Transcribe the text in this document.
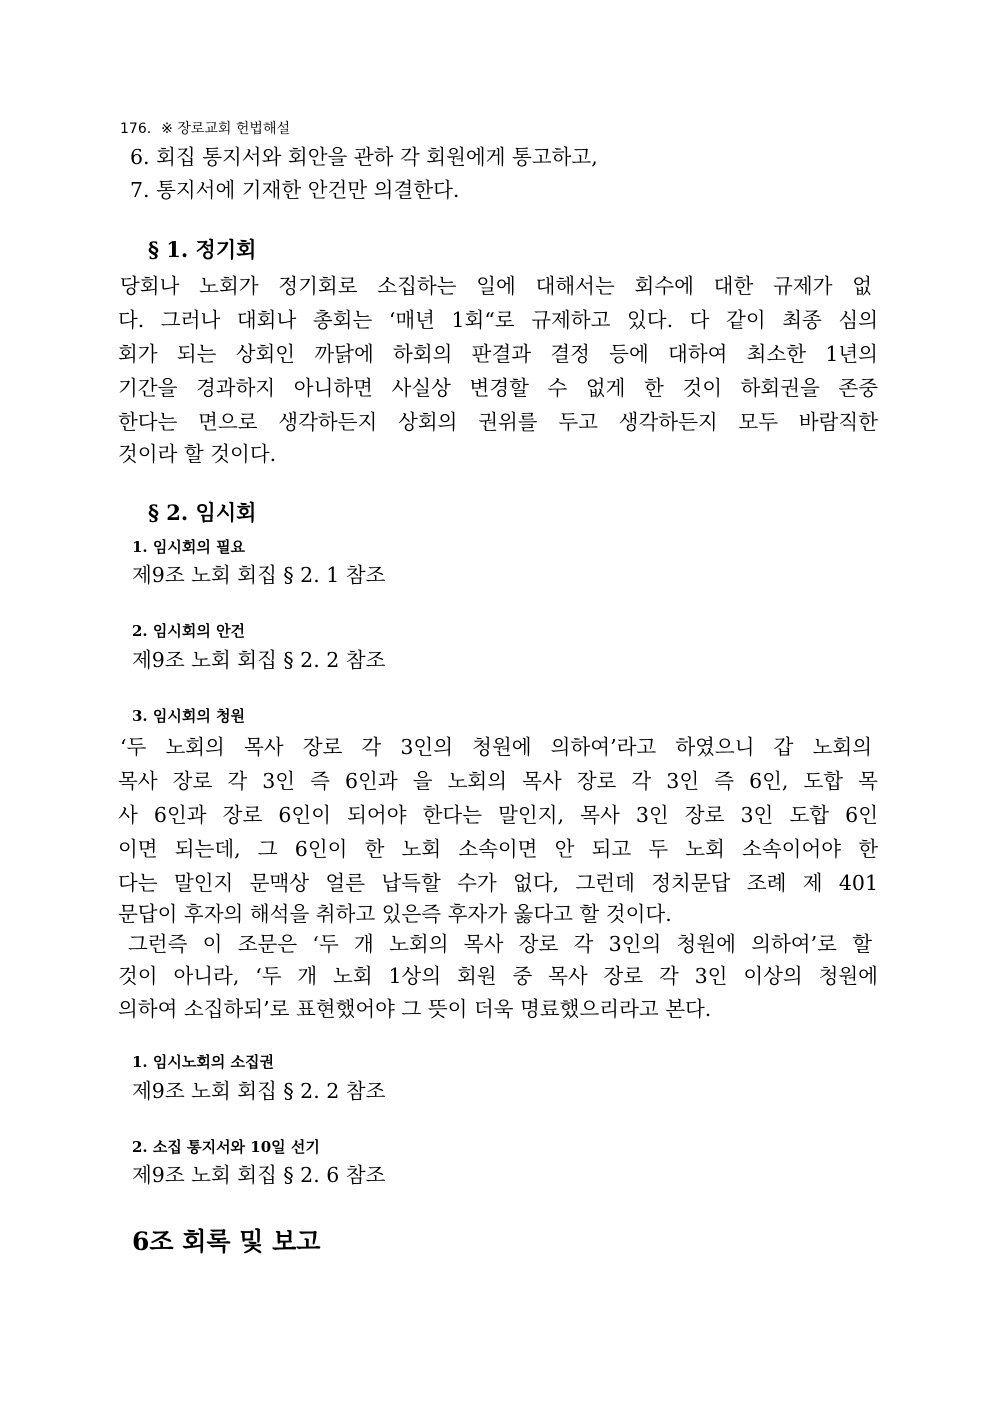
176. ※ 장로교회 헌법해설
6. 회집 통지서와 회안을 관하 각 회원에게 통고하고,
7. 통지서에 기재한 안건만 의결한다.
§ 1. 정기회
당회나 노회가 정기회로 소집하는 일에 대해서는 회수에 대한 규제가 없
다. 그러나 대회나 총회는 ‘매년 1회“로 규제하고 있다. 다 같이 최종 심의
회가 되는 상회인 까닭에 하회의 판결과 결정 등에 대하여 최소한 1년의
기간을 경과하지 아니하면 사실상 변경할 수 없게 한 것이 하회권을 존중
한다는 면으로 생각하든지 상회의 권위를 두고 생각하든지 모두 바람직한
것이라 할 것이다.
§ 2. 임시회
1. 임시회의 필요
제9조 노회 회집 § 2. 1 참조
2. 임시회의 안건
제9조 노회 회집 § 2. 2 참조
3. 임시회의 청원
‘두 노회의 목사 장로 각 3인의 청원에 의하여’라고 하였으니 갑 노회의
목사 장로 각 3인 즉 6인과 을 노회의 목사 장로 각 3인 즉 6인, 도합 목
사 6인과 장로 6인이 되어야 한다는 말인지, 목사 3인 장로 3인 도합 6인
이면 되는데, 그 6인이 한 노회 소속이면 안 되고 두 노회 소속이어야 한
다는 말인지 문맥상 얼른 납득할 수가 없다, 그런데 정치문답 조례 제 401
문답이 후자의 해석을 취하고 있은즉 후자가 옳다고 할 것이다.
그런즉 이 조문은 ‘두 개 노회의 목사 장로 각 3인의 청원에 의하여’로 할
것이 아니라, ‘두 개 노회 1상의 회원 중 목사 장로 각 3인 이상의 청원에
의하여 소집하되’로 표현했어야 그 뜻이 더욱 명료했으리라고 본다.
1. 임시노회의 소집권
제9조 노회 회집 § 2. 2 참조
2. 소집 통지서와 10일 선기
제9조 노회 회집 § 2. 6 참조
6조 회록 및 보고
